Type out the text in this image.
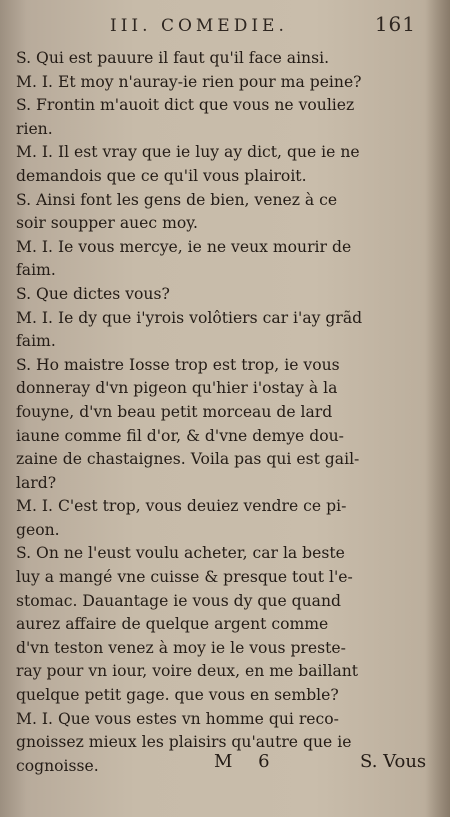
III. COMEDIE.	161
S. Qui est pauure il faut qu'il face ainsi.
M. I. Et moy n'auray-ie rien pour ma peine?
S. Frontin m'auoit dict que vous ne vouliez
rien.
M. I. Il est vray que ie luy ay dict, que ie ne
demandois que ce qu'il vous plairoit.
S. Ainsi font les gens de bien, venez à ce
soir soupper auec moy.
M. I. Ie vous mercye, ie ne veux mourir de
faim.
S. Que dictes vous?
M. I. Ie dy que i'yrois volôtiers car i'ay grãd
faim.
S. Ho maistre Iosse trop est trop, ie vous
donneray d'vn pigeon qu'hier i'ostay à la
fouyne, d'vn beau petit morceau de lard
iaune comme fil d'or, & d'vne demye dou-
zaine de chastaignes. Voila pas qui est gail-
lard?
M. I. C'est trop, vous deuiez vendre ce pi-
geon.
S. On ne l'eust voulu acheter, car la beste
luy a mangé vne cuisse & presque tout l'e-
stomac. Dauantage ie vous dy que quand
aurez affaire de quelque argent comme
d'vn teston venez à moy ie le vous preste-
ray pour vn iour, voire deux, en me baillant
quelque petit gage. que vous en semble?
M. I. Que vous estes vn homme qui reco-
gnoissez mieux les plaisirs qu'autre que ie
cognoisse.	M 6	S. Vous
